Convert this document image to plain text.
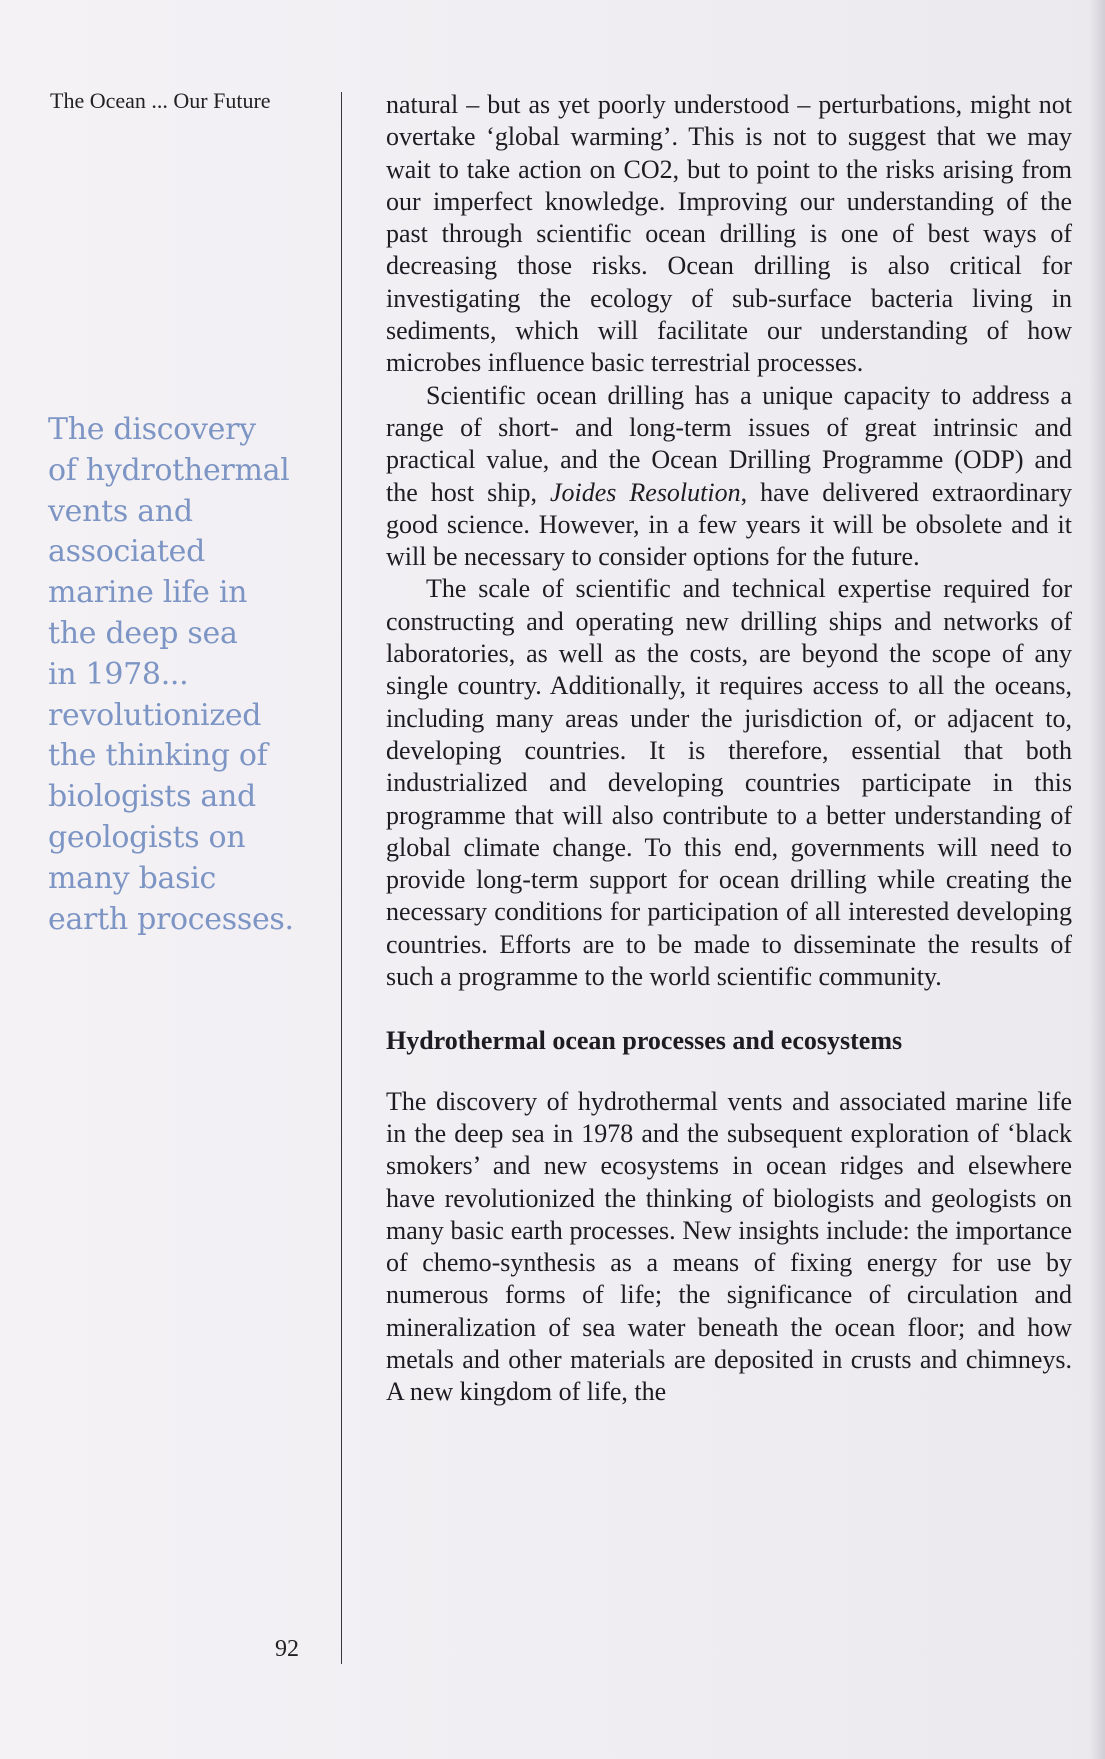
The Ocean ... Our Future
The discovery
of hydrothermal
vents and
associated
marine life in
the deep sea
in 1978...
revolutionized
the thinking of
biologists and
geologists on
many basic
earth processes.

natural – but as yet poorly understood – perturbations, might not overtake ‘global warming’. This is not to suggest that we may wait to take action on CO2, but to point to the risks arising from our imperfect knowledge. Improving our understanding of the past through scientific ocean drilling is one of best ways of decreasing those risks. Ocean drilling is also critical for investigating the ecology of sub-surface bacteria living in sediments, which will facilitate our understanding of how microbes influence basic terrestrial processes.

Scientific ocean drilling has a unique capacity to address a range of short- and long-term issues of great intrinsic and practical value, and the Ocean Drilling Programme (ODP) and the host ship, Joides Resolution, have delivered extraordinary good science. However, in a few years it will be obsolete and it will be necessary to consider options for the future.

The scale of scientific and technical expertise required for constructing and operating new drilling ships and networks of laboratories, as well as the costs, are beyond the scope of any single country. Additionally, it requires access to all the oceans, including many areas under the jurisdiction of, or adjacent to, developing countries. It is therefore, essential that both industrialized and developing countries participate in this programme that will also contribute to a better understanding of global climate change. To this end, governments will need to provide long-term support for ocean drilling while creating the necessary conditions for participation of all interested developing countries. Efforts are to be made to disseminate the results of such a programme to the world scientific community.

Hydrothermal ocean processes and ecosystems

The discovery of hydrothermal vents and associated marine life in the deep sea in 1978 and the subsequent exploration of ‘black smokers’ and new ecosystems in ocean ridges and elsewhere have revolutionized the thinking of biologists and geologists on many basic earth processes. New insights include: the importance of chemo-synthesis as a means of fixing energy for use by numerous forms of life; the significance of circulation and mineralization of sea water beneath the ocean floor; and how metals and other materials are deposited in crusts and chimneys. A new kingdom of life, the

92
